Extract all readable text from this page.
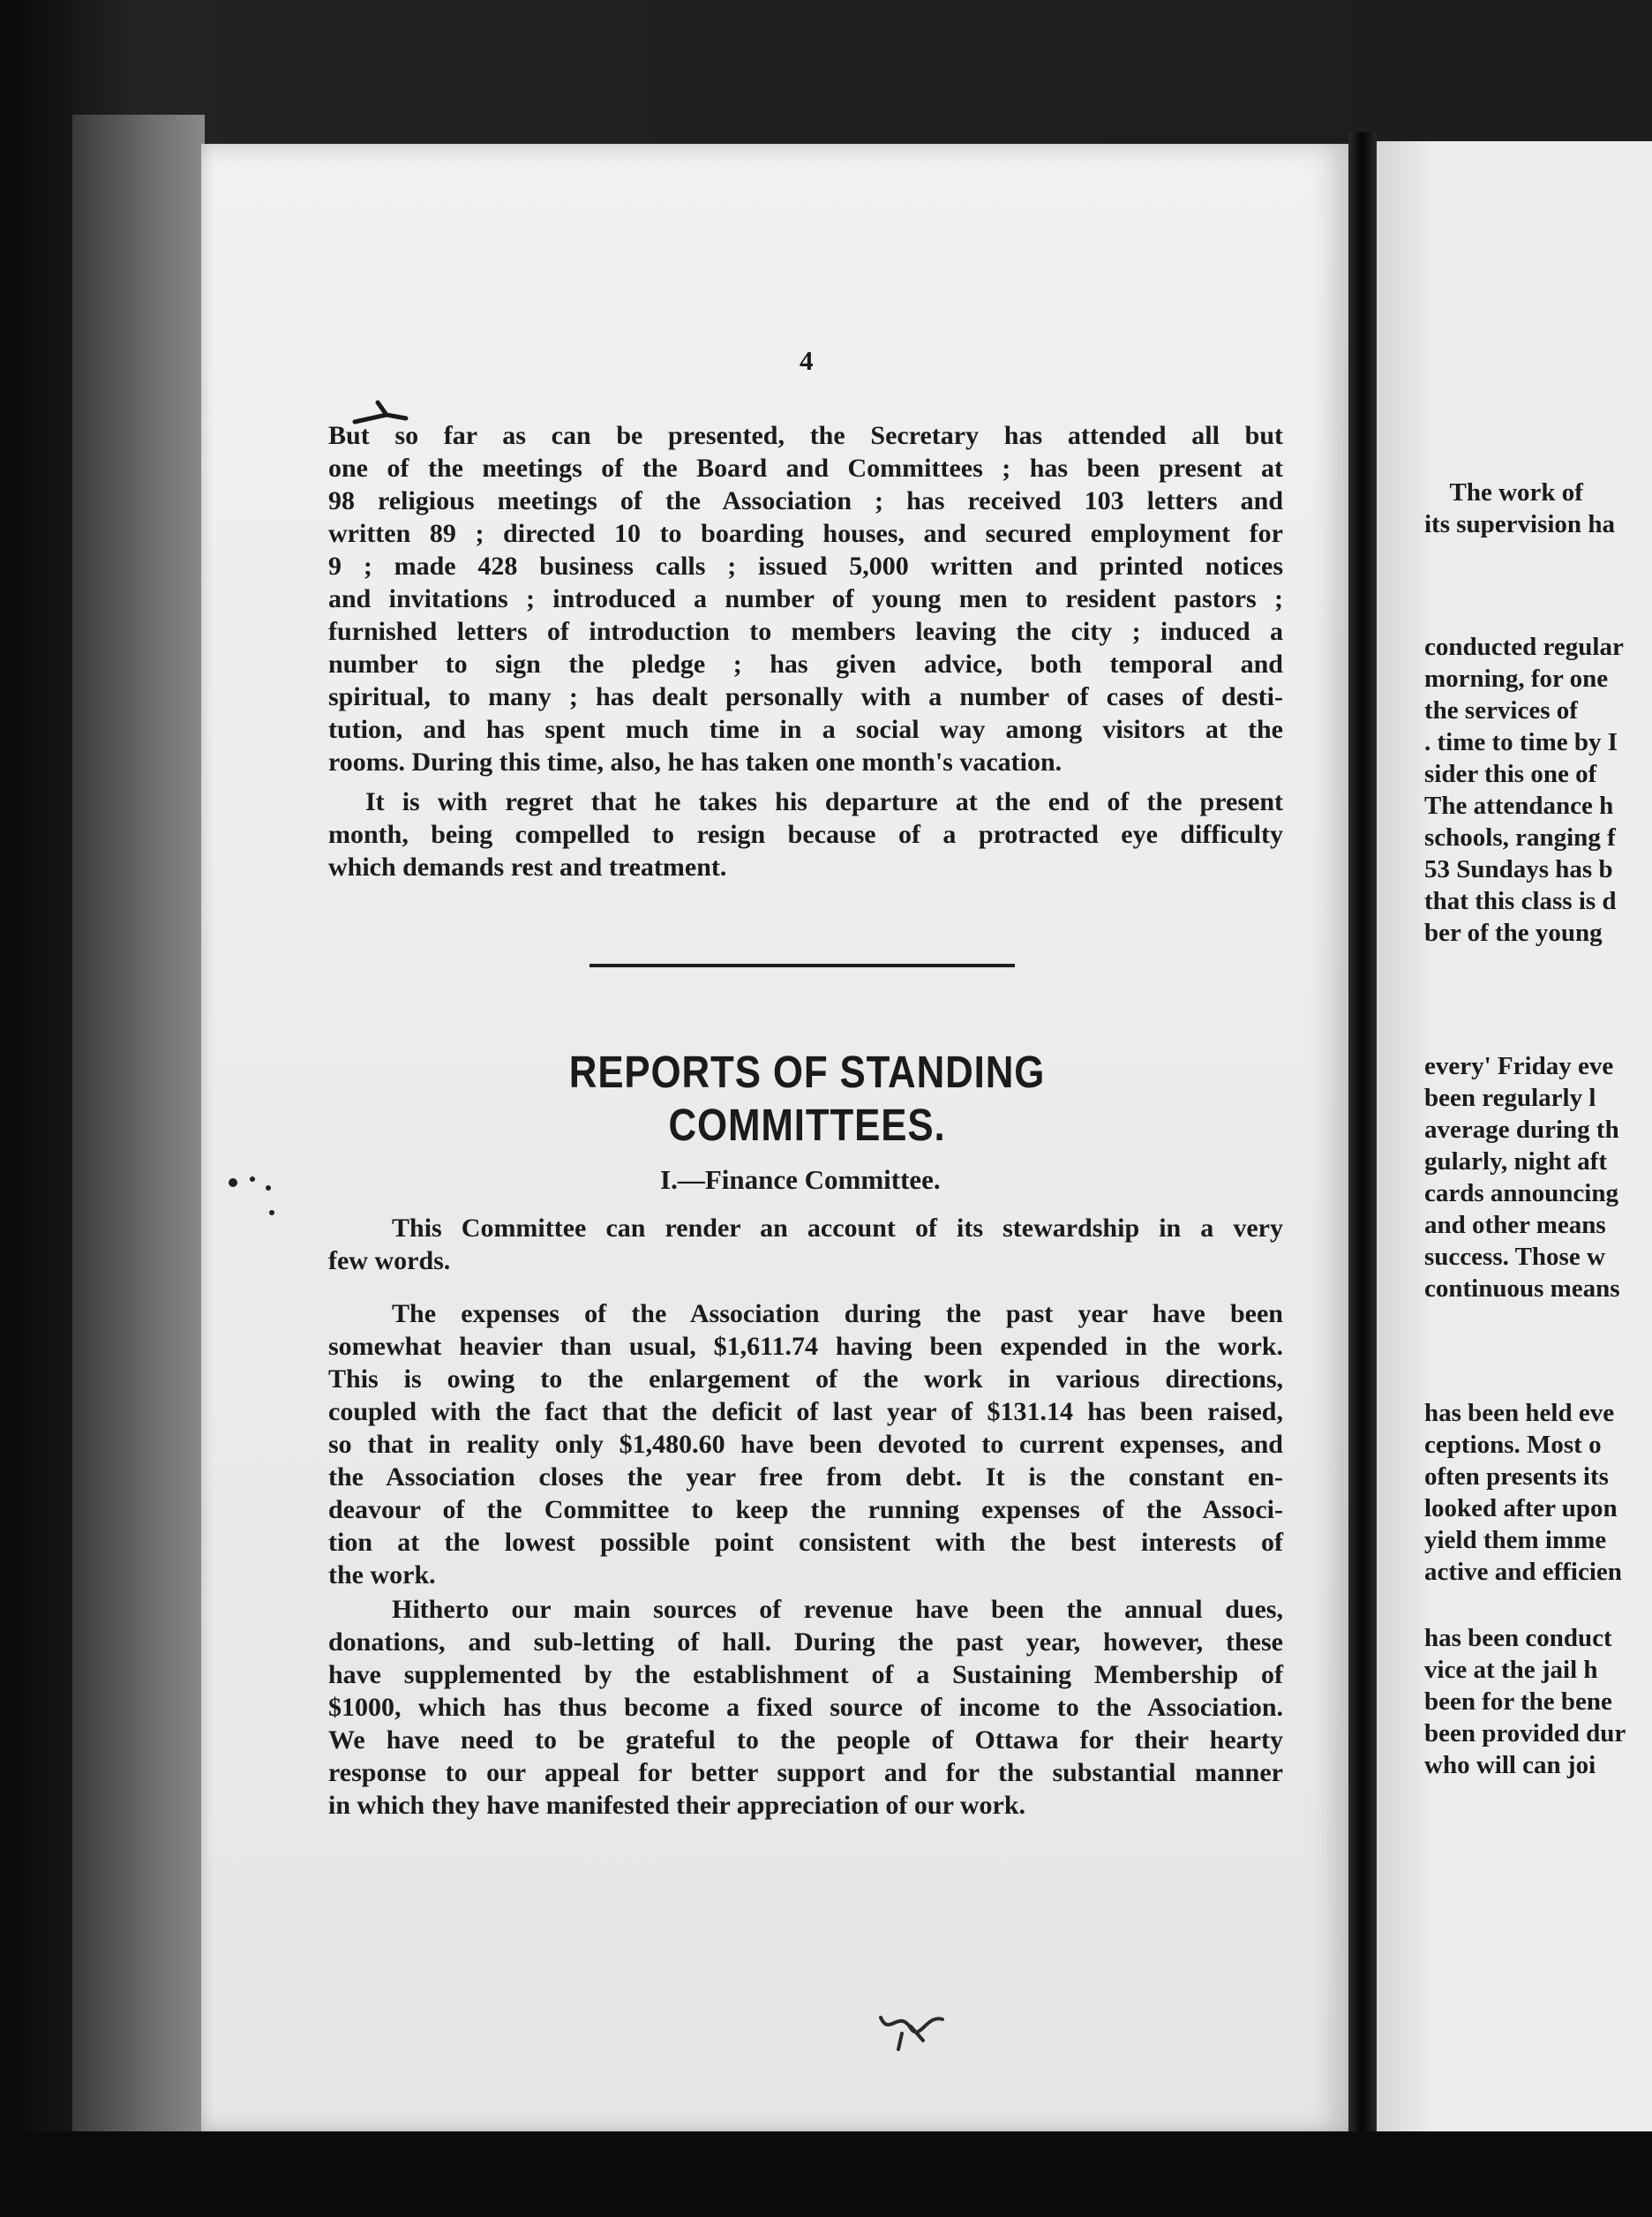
4
But so far as can be presented, the Secretary has attended all but
one of the meetings of the Board and Committees ; has been present at
98 religious meetings of the Association ; has received 103 letters and
written 89 ; directed 10 to boarding houses, and secured employment for
9 ; made 428 business calls ; issued 5,000 written and printed notices
and invitations ; introduced a number of young men to resident pastors ;
furnished letters of introduction to members leaving the city ; induced a
number to sign the pledge ; has given advice, both temporal and
spiritual, to many ; has dealt personally with a number of cases of desti-
tution, and has spent much time in a social way among visitors at the
rooms. During this time, also, he has taken one month's vacation.
It is with regret that he takes his departure at the end of the present
month, being compelled to resign because of a protracted eye difficulty
which demands rest and treatment.
REPORTS OF STANDING COMMITTEES.
I.—Finance Committee.
This Committee can render an account of its stewardship in a very
few words.
The expenses of the Association during the past year have been
somewhat heavier than usual, $1,611.74 having been expended in the work.
This is owing to the enlargement of the work in various directions,
coupled with the fact that the deficit of last year of $131.14 has been raised,
so that in reality only $1,480.60 have been devoted to current expenses, and
the Association closes the year free from debt. It is the constant en-
deavour of the Committee to keep the running expenses of the Associ-
tion at the lowest possible point consistent with the best interests of
the work.
Hitherto our main sources of revenue have been the annual dues,
donations, and sub-letting of hall. During the past year, however, these
have supplemented by the establishment of a Sustaining Membership of
$1000, which has thus become a fixed source of income to the Association.
We have need to be grateful to the people of Ottawa for their hearty
response to our appeal for better support and for the substantial manner
in which they have manifested their appreciation of our work.
The work of
its supervision ha
conducted regular
morning, for one
the services of
. time to time by I
sider this one of
The attendance h
schools, ranging f
53 Sundays has b
that this class is d
ber of the young
every' Friday eve
been regularly l
average during th
gularly, night aft
cards announcing
and other means
success. Those w
continuous means
has been held eve
ceptions. Most o
often presents its
looked after upon
yield them imme
active and efficien
has been conduct
vice at the jail h
been for the bene
been provided dur
who will can joi
